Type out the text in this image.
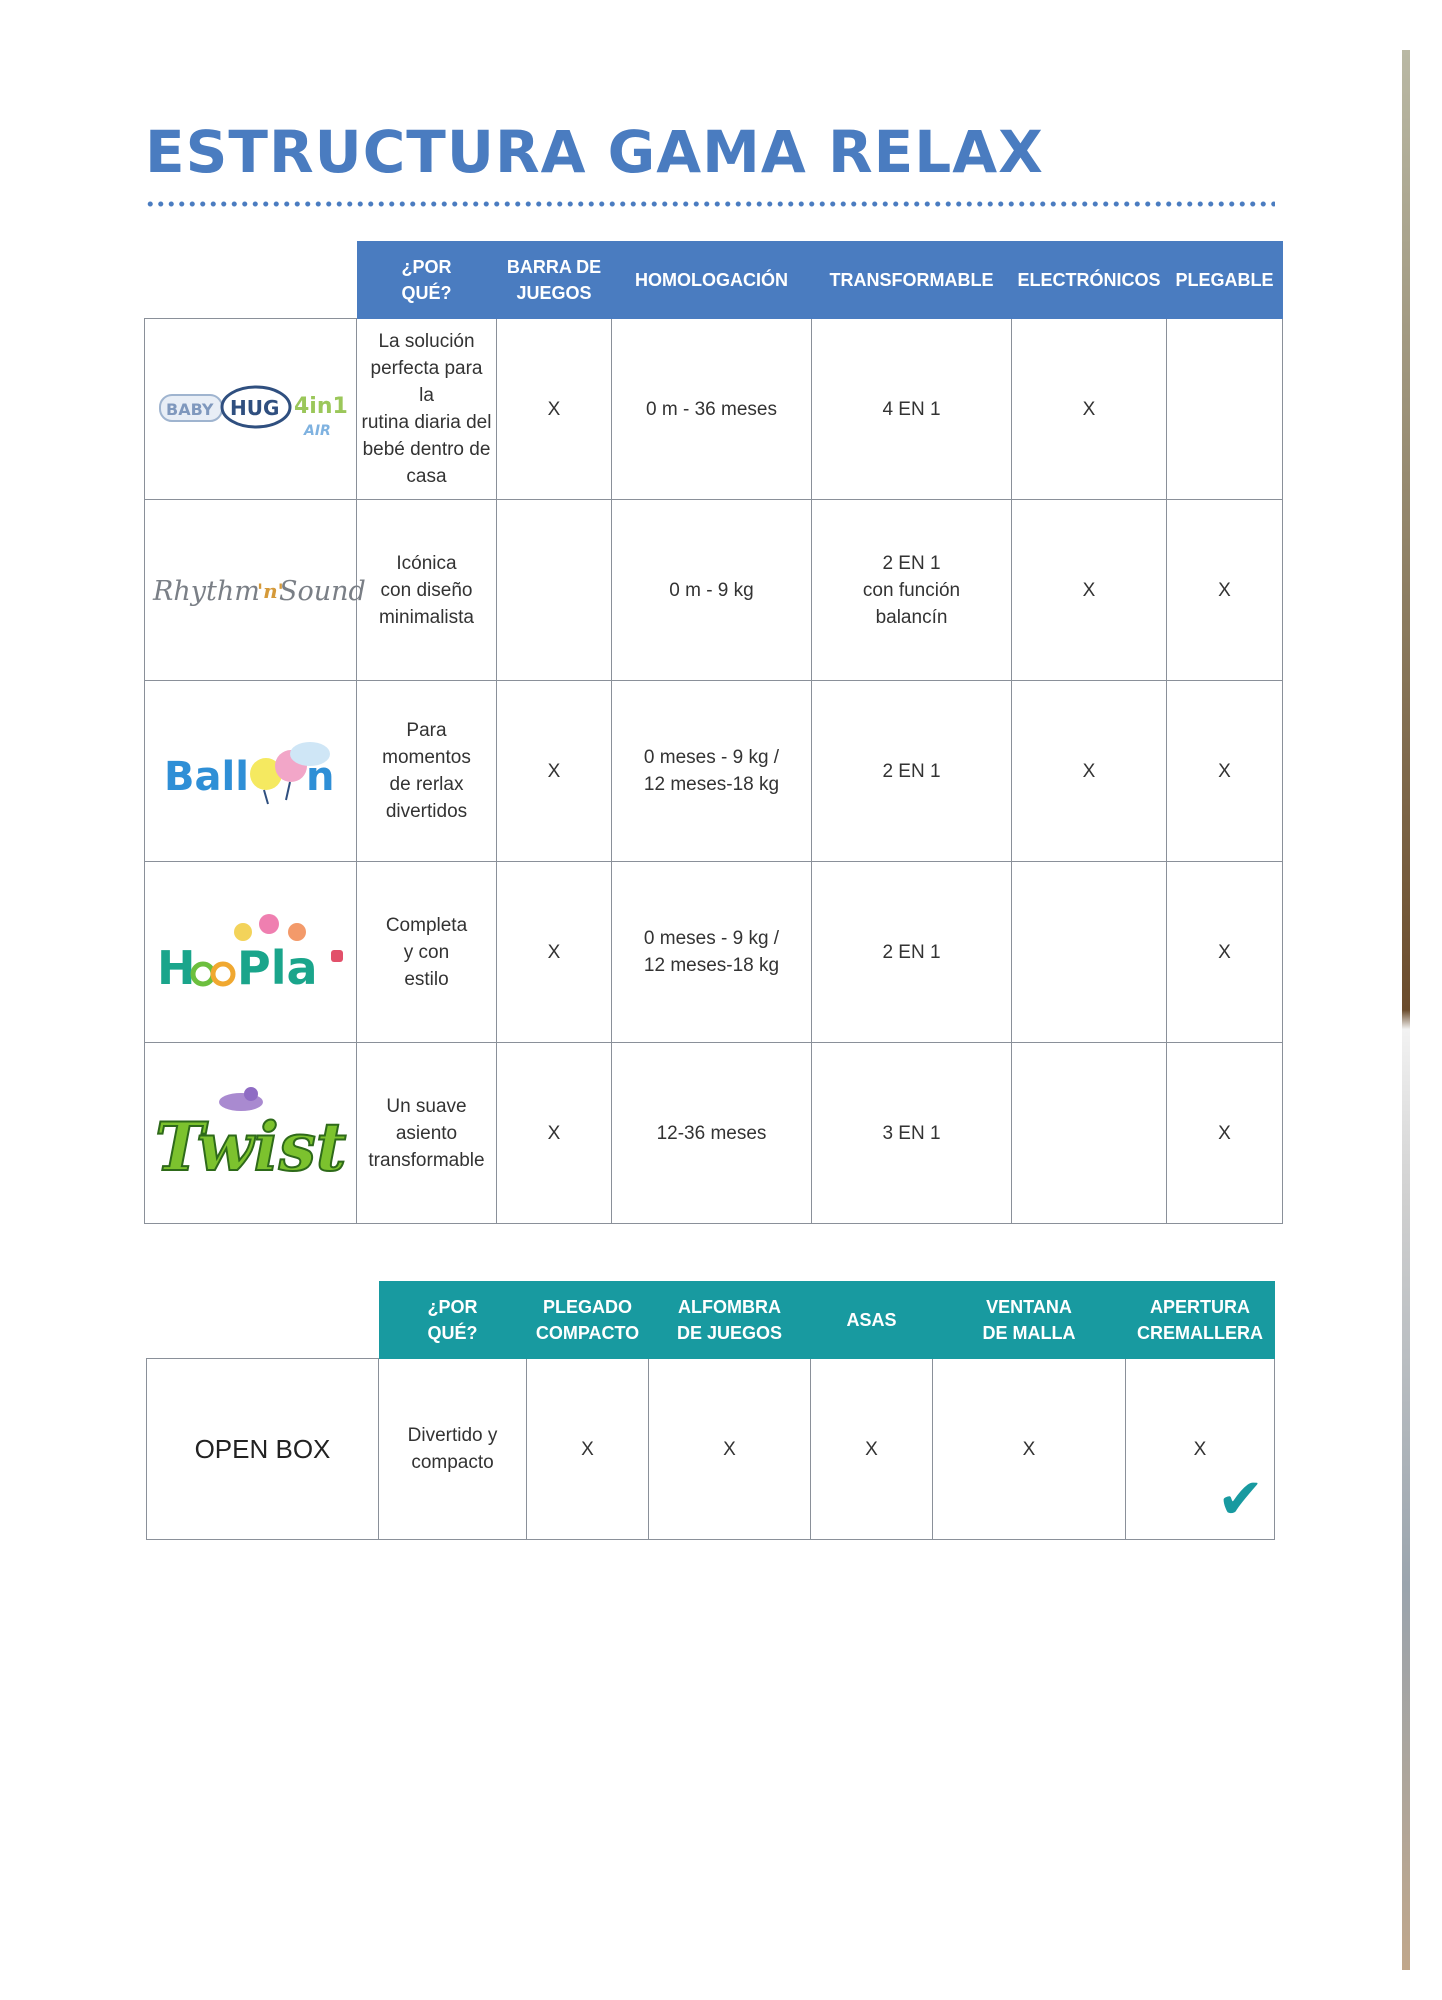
ESTRUCTURA GAMA RELAX
	¿POR
QUÉ?	BARRA DE
JUEGOS	HOMOLOGACIÓN	TRANSFORMABLE	ELECTRÓNICOS	PLEGABLE

BABY HUG 4in1
AIR	La solución
perfecta para la
rutina diaria del
bebé dentro de
casa	X	0 m - 36 meses	4 EN 1	X	

Rhythm
'n'
Sound	Icónica
con diseño
minimalista		0 m - 9 kg	2 EN 1
con función
balancín	X	X

Ball n	Para
momentos
de rerlax
divertidos	X	0 meses - 9 kg /
12 meses-18 kg	2 EN 1	X	X

H Pla	Completa
y con
estilo	X	0 meses - 9 kg /
12 meses-18 kg	2 EN 1		X

Twist	Un suave
asiento
transformable	X	12-36 meses	3 EN 1		X
	¿POR
QUÉ?	PLEGADO
COMPACTO	ALFOMBRA
DE JUEGOS	ASAS	VENTANA
DE MALLA	APERTURA
CREMALLERA
OPEN BOX	Divertido y
compacto	X	X	X	X	X

✔
